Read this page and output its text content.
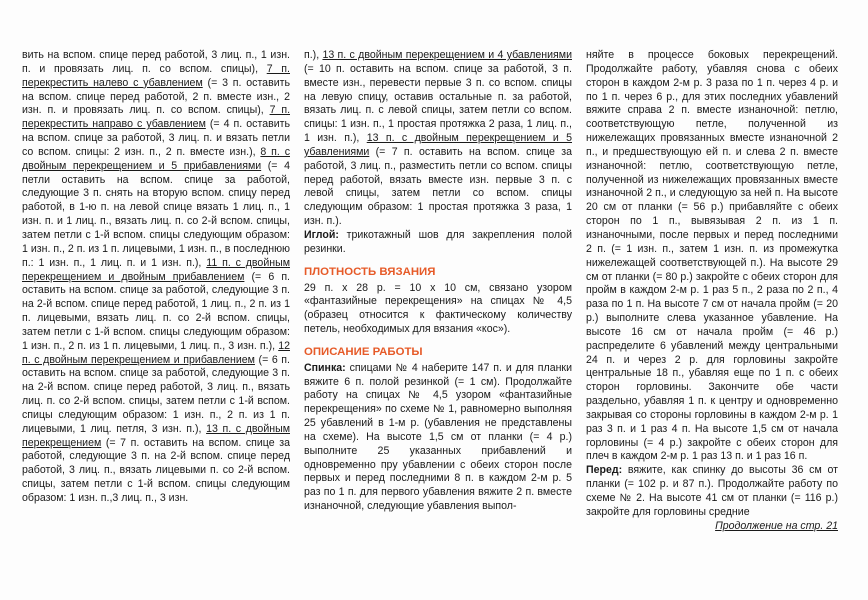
вить на вспом. спице перед работой, 3 лиц. п., 1 изн. п. и провязать лиц. п. со вспом. спицы), 7 п. перекрестить налево с убавлением (= 3 п. оставить на вспом. спице перед работой, 2 п. вместе изн., 2 изн. п. и провязать лиц. п. со вспом. спицы), 7 п. перекрестить направо с убавлением (= 4 п. оставить на вспом. спице за работой, 3 лиц. п. и вязать петли со вспом. спицы: 2 изн. п., 2 п. вместе изн.), 8 п. с двойным перекрещением и 5 прибавлениями (= 4 петли оставить на вспом. спице за работой, следующие 3 п. снять на вторую вспом. спицу перед работой, в 1-ю п. на левой спице вязать 1 лиц. п., 1 изн. п. и 1 лиц. п., вязать лиц. п. со 2-й вспом. спицы, затем петли с 1-й вспом. спицы следующим образом: 1 изн. п., 2 п. из 1 п. лицевыми, 1 изн. п., в последнюю п.: 1 изн. п., 1 лиц. п. и 1 изн. п.), 11 п. с двойным перекрещением и двойным прибавлением (= 6 п. оставить на вспом. спице за работой, следующие 3 п. на 2-й вспом. спице перед работой, 1 лиц. п., 2 п. из 1 п. лицевыми, вязать лиц. п. со 2-й вспом. спицы, затем петли с 1-й вспом. спицы следующим образом: 1 изн. п., 2 п. из 1 п. лицевыми, 1 лиц. п., 3 изн. п.), 12 п. с двойным перекрещением и прибавлением (= 6 п. оставить на вспом. спице за работой, следующие 3 п. на 2-й вспом. спице перед работой, 3 лиц. п., вязать лиц. п. со 2-й вспом. спицы, затем петли с 1-й вспом. спицы следующим образом: 1 изн. п., 2 п. из 1 п. лицевыми, 1 лиц. петля, 3 изн. п.), 13 п. с двойным перекрещением (= 7 п. оставить на вспом. спице за работой, следующие 3 п. на 2-й вспом. спице перед работой, 3 лиц. п., вязать лицевыми п. со 2-й вспом. спицы, затем петли с 1-й вспом. спицы следующим образом: 1 изн. п.,3 лиц. п., 3 изн.

п.), 13 п. с двойным перекрещением и 4 убавлениями (= 10 п. оставить на вспом. спице за работой, 3 п. вместе изн., перевести первые 3 п. со вспом. спицы на левую спицу, оставив остальные п. за работой, вязать лиц. п. с левой спицы, затем петли со вспом. спицы: 1 изн. п., 1 простая протяжка 2 раза, 1 лиц. п., 1 изн. п.), 13 п. с двойным перекрещением и 5 убавлениями (= 7 п. оставить на вспом. спице за работой, 3 лиц. п., разместить петли со вспом. спицы перед работой, вязать вместе изн. первые 3 п. с левой спицы, затем петли со вспом. спицы следующим образом: 1 простая протяжка 3 раза, 1 изн. п.).

Иглой: трикотажный шов для закрепления полой резинки.

ПЛОТНОСТЬ ВЯЗАНИЯ

29 п. х 28 р. = 10 х 10 см, связано узором «фантазийные перекрещения» на спицах № 4,5 (образец относится к фактическому количеству петель, необходимых для вязания «кос»).

ОПИСАНИЕ РАБОТЫ

Спинка: спицами № 4 наберите 147 п. и для планки вяжите 6 п. полой резинкой (= 1 см). Продолжайте работу на спицах № 4,5 узором «фантазийные перекрещения» по схеме № 1, равномерно выполняя 25 убавлений в 1-м р. (убавления не представлены на схеме). На высоте 1,5 см от планки (= 4 р.) выполните 25 указанных прибавлений и одновременно пру убавлении с обеих сторон после первых и перед последними 8 п. в каждом 2-м р. 5 раз по 1 п. для первого убавления вяжите 2 п. вместе изнаночной, следующие убавления выпол-

няйте в процессе боковых перекрещений. Продолжайте работу, убавляя снова с обеих сторон в каждом 2-м р. 3 раза по 1 п. через 4 р. и по 1 п. через 6 р., для этих последних убавлений вяжите справа 2 п. вместе изнаночной: петлю, соответствующую петле, полученной из нижележащих провязанных вместе изнаночной 2 п., и предшествующую ей п. и слева 2 п. вместе изнаночной: петлю, соответствующую петле, полученной из нижележащих провязанных вместе изнаночной 2 п., и следующую за ней п. На высоте 20 см от планки (= 56 р.) прибавляйте с обеих сторон по 1 п., вывязывая 2 п. из 1 п. изнаночными, после первых и перед последними 2 п. (= 1 изн. п., затем 1 изн. п. из промежутка нижележащей соответствующей п.). На высоте 29 см от планки (= 80 р.) закройте с обеих сторон для пройм в каждом 2-м р. 1 раз 5 п., 2 раза по 2 п., 4 раза по 1 п. На высоте 7 см от начала пройм (= 20 р.) выполните слева указанное убавление. На высоте 16 см от начала пройм (= 46 р.) распределите 6 убавлений между центральными 24 п. и через 2 р. для горловины закройте центральные 18 п., убавляя еще по 1 п. с обеих сторон горловины. Закончите обе части раздельно, убавляя 1 п. к центру и одновременно закрывая со стороны горловины в каждом 2-м р. 1 раз 3 п. и 1 раз 4 п. На высоте 1,5 см от начала горловины (= 4 р.) закройте с обеих сторон для плеч в каждом 2-м р. 1 раз 13 п. и 1 раз 16 п.

Перед: вяжите, как спинку до высоты 36 см от планки (= 102 р. и 87 п.). Продолжайте работу по схеме № 2. На высоте 41 см от планки (= 116 р.) закройте для горловины средние

Продолжение на стр. 21
